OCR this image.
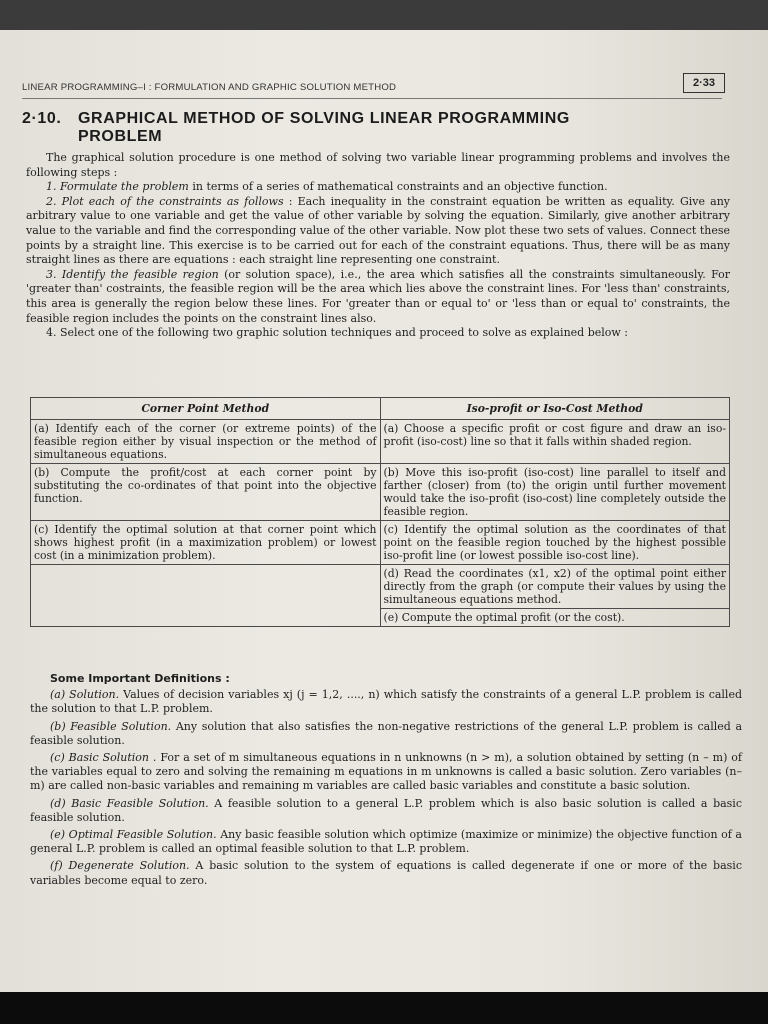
LINEAR PROGRAMMING–I : FORMULATION AND GRAPHIC SOLUTION METHOD	2·33
2·10. GRAPHICAL METHOD OF SOLVING LINEAR PROGRAMMING
PROBLEM

The graphical solution procedure is one method of solving two variable linear programming problems and involves the following steps :

1. Formulate the problem in terms of a series of mathematical constraints and an objective function.

2. Plot each of the constraints as follows : Each inequality in the constraint equation be written as equality. Give any arbitrary value to one variable and get the value of other variable by solving the equation. Similarly, give another arbitrary value to the variable and find the corresponding value of the other variable. Now plot these two sets of values. Connect these points by a straight line. This exercise is to be carried out for each of the constraint equations. Thus, there will be as many straight lines as there are equations : each straight line representing one constraint.

3. Identify the feasible region (or solution space), i.e., the area which satisfies all the constraints simultaneously. For 'greater than' costraints, the feasible region will be the area which lies above the constraint lines. For 'less than' constraints, this area is generally the region below these lines. For 'greater than or equal to' or 'less than or equal to' constraints, the feasible region includes the points on the constraint lines also.

4. Select one of the following two graphic solution techniques and proceed to solve as explained below :

Corner Point Method	Iso-profit or Iso-Cost Method
(a) Identify each of the corner (or extreme points) of the feasible region either by visual inspection or the method of simultaneous equations.	(a) Choose a specific profit or cost figure and draw an iso-profit (iso-cost) line so that it falls within shaded region.
(b) Compute the profit/cost at each corner point by substituting the co-ordinates of that point into the objective function.	(b) Move this iso-profit (iso-cost) line parallel to itself and farther (closer) from (to) the origin until further movement would take the iso-profit (iso-cost) line completely outside the feasible region.
(c) Identify the optimal solution at that corner point which shows highest profit (in a maximization problem) or lowest cost (in a minimization problem).	(c) Identify the optimal solution as the coordinates of that point on the feasible region touched by the highest possible iso-profit line (or lowest possible iso-cost line).
	(d) Read the coordinates (x1, x2) of the optimal point either directly from the graph (or compute their values by using the simultaneous equations method.
	(e) Compute the optimal profit (or the cost).

Some Important Definitions :

(a) Solution. Values of decision variables xj (j = 1,2, ...., n) which satisfy the constraints of a general L.P. problem is called the solution to that L.P. problem.

(b) Feasible Solution. Any solution that also satisfies the non-negative restrictions of the general L.P. problem is called a feasible solution.

(c) Basic Solution . For a set of m simultaneous equations in n unknowns (n > m), a solution obtained by setting (n – m) of the variables equal to zero and solving the remaining m equations in m unknowns is called a basic solution. Zero variables (n–m) are called non-basic variables and remaining m variables are called basic variables and constitute a basic solution.

(d) Basic Feasible Solution. A feasible solution to a general L.P. problem which is also basic solution is called a basic feasible solution.

(e) Optimal Feasible Solution. Any basic feasible solution which optimize (maximize or minimize) the objective function of a general L.P. problem is called an optimal feasible solution to that L.P. problem.

(f) Degenerate Solution. A basic solution to the system of equations is called degenerate if one or more of the basic variables become equal to zero.
